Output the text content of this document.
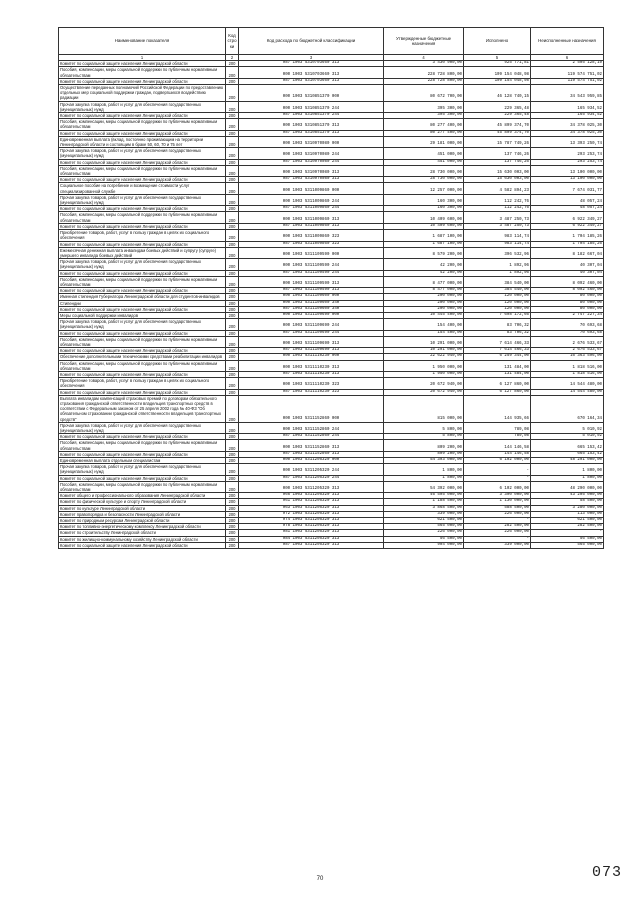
Наименование показателя	Код стро ки	Код расхода по бюджетной классификации	Утвержденные бюджетные назначения	Исполнено	Неисполненные назначения
1	2	3	4	5	6
Комитет по социальной защите населения Ленинградской области	200	987 1003 5310703660 313	3 430 900,00	925 771,81	2 505 128,19
Пособия, компенсации, меры социальной поддержки по публичным нормативным обязательствам	200	000 1003 5310703660 313	228 728 800,00	109 154 048,98	119 574 751,02
Комитет по социальной защите населения Ленинградской области	200	987 1003 5310703660 313	228 728 800,00	109 154 048,98	119 574 751,02
Осуществление переданных полномочий Российской Федерации по предоставлению отдельных мер социальной поддержки граждан, подвергшихся воздействию радиации	200	000 1003 5310851370 000	80 672 700,00	46 128 740,15	34 543 959,85
Прочая закупка товаров, работ и услуг для обеспечения государственных (муниципальных) нужд	200	000 1003 5310851370 244	395 300,00	229 365,48	165 934,52
Комитет по социальной защите населения Ленинградской области	200	987 1003 5310851370 244	395 300,00	229 365,48	165 934,52
Пособия, компенсации, меры социальной поддержки по публичным нормативным обязательствам	200	000 1003 5310851370 313	80 277 400,00	45 899 374,70	34 378 025,30
Комитет по социальной защите населения Ленинградской области	200	987 1003 5310851370 313	80 277 400,00	45 899 374,70	34 378 025,30
Единовременная выплата (вклад, постоянно проживающим на территории Ленинградской области и состоящим в браке 50, 60, 70 и 75 лет	200	000 1003 5310970080 000	29 181 000,00	15 787 749,26	13 393 250,74
Прочая закупка товаров, работ и услуг для обеспечения государственных (муниципальных) нужд	200	000 1003 5310970080 244	451 000,00	137 746,26	293 253,74
Комитет по социальной защите населения Ленинградской области	200	987 1003 5310970080 244	451 000,00	137 746,26	293 253,74
Пособия, компенсации, меры социальной поддержки по публичным нормативным обязательствам	200	000 1003 5310970080 313	28 730 000,00	15 630 003,00	13 100 000,00
Комитет по социальной защите населения Ленинградской области	200	987 1003 5310970080 313	28 730 000,00	15 630 003,00	13 100 000,00
Социальное пособие на погребение и возмещение стоимости услуг специализированной службе	200	000 1003 5311009860 000	12 257 000,00	4 582 894,23	7 674 031,77
Прочая закупка товаров, работ и услуг для обеспечения государственных (муниципальных) нужд	200	000 1003 5311009860 244	160 300,00	112 242,76	48 057,24
Комитет по социальной защите населения Ленинградской области	200	987 1003 5311009860 244	160 300,00	112 242,76	48 057,24
Пособия, компенсации, меры социальной поддержки по публичным нормативным обязательствам	200	000 1003 5311009860 313	10 409 600,00	3 487 250,73	6 922 349,27
Комитет по социальной защите населения Ленинградской области	200	987 1003 5311009860 313	10 409 600,00	3 487 250,73	6 922 349,27
Приобретение товаров, работ, услуг в пользу граждан в целях их социального обеспечения	200	000 1003 5311009860 323	1 687 100,00	983 114,74	1 704 185,26
Комитет по социальной защите населения Ленинградской области	200	987 1003 5311009860 323	1 687 100,00	983 114,74	1 704 185,26
Ежемесячная денежная выплата инвалидам боевых действий и супругу (супруге) умершего инвалида боевых действий	200	000 1003 5311109590 000	8 579 200,00	396 532,96	8 182 667,04
Прочая закупка товаров, работ и услуг для обеспечения государственных (муниципальных) нужд	200	000 1003 5311109590 244	42 200,00	1 892,96	40 307,04
Комитет по социальной защите населения Ленинградской области	200	987 1003 5311109590 244	42 200,00	1 892,96	40 307,04
Пособия, компенсации, меры социальной поддержки по публичным нормативным обязательствам	200	000 1003 5311109590 313	8 477 000,00	384 540,00	8 092 460,00
Комитет по социальной защите населения Ленинградской области	200	987 1003 5311109590 313	8 477 000,00	384 540,00	8 092 460,00
Именная стипендия Губернатора Ленинградской области для студентов-инвалидов	200	000 1003 5311109600 000	200 000,00	120 000,00	80 000,00
Стипендии	200	000 1003 5311109600 340	200 000,00	120 000,00	80 000,00
Комитет по социальной защите населения Ленинградской области	200	987 1003 5311109600 340	200 000,00	120 000,00	80 000,00
Меры социальной поддержки инвалидов	200	000 1003 5311109690 000	10 445 400,00	7 698 172,66	2 747 227,34
Прочая закупка товаров, работ и услуг для обеспечения государственных (муниципальных) нужд	200	000 1003 5311109690 244	154 400,00	83 706,32	70 693,68
Комитет по социальной защите населения Ленинградской области	200	987 1003 5311109690 244	154 400,00	83 706,32	70 693,68
Пособия, компенсации, меры социальной поддержки по публичным нормативным обязательствам	200	000 1003 5311109690 313	10 291 000,00	7 614 466,33	2 676 533,67
Комитет по социальной защите населения Ленинградской области	200	987 1003 5311109690 313	10 291 000,00	7 614 466,33	2 676 533,67
Обеспечение дополнительными техническими средствами реабилитации инвалидов	200	000 1003 5311110230 000	22 622 940,00	6 259 344,00	16 363 596,00
Пособия, компенсации, меры социальной поддержки по публичным нормативным обязательствам	200	000 1003 5311110230 313	1 950 000,00	131 484,00	1 818 516,00
Комитет по социальной защите населения Ленинградской области	200	987 1003 5311110230 313	1 950 000,00	131 484,00	1 818 516,00
Приобретение товаров, работ, услуг в пользу граждан в целях их социального обеспечения	200	000 1003 5311110230 323	20 672 940,00	6 127 860,00	14 544 480,00
Комитет по социальной защите населения Ленинградской области	200	987 1003 5311110230 323	20 672 940,00	6 127 860,00	14 544 480,00
Выплата инвалидам компенсаций страховых премий по договорам обязательного страхования гражданской ответственности владельцев транспортных средств в соответствии с Федеральным законом от 25 апреля 2002 года № 40-ФЗ "Об обязательном страховании гражданской ответственности владельцев транспортных средств"	200	000 1003 5311152860 000	815 000,00	144 935,66	670 164,34
Прочая закупка товаров, работ и услуг для обеспечения государственных (муниципальных) нужд	200	000 1003 5311152860 244	5 800,00	789,08	5 010,92
Комитет по социальной защите населения Ленинградской области	200	987 1003 5311152860 244	5 800,00	789,08	5 010,92
Пособия, компенсации, меры социальной поддержки по публичным нормативным обязательствам	200	000 1003 5311152860 313	809 200,00	144 146,58	665 153,42
Комитет по социальной защите населения Ленинградской области	200	987 1003 5311152860 313	809 200,00	144 146,58	665 153,42
Единовременная выплата отдельным специалистам	200	000 1003 5311205320 000	54 393 000,00	6 102 000,00	48 291 000,00
Прочая закупка товаров, работ и услуг для обеспечения государственных (муниципальных) нужд	200	000 1003 5311205320 244	1 800,00	-	1 800,00
Комитет по социальной защите населения Ленинградской области	200	987 1003 5311205320 244	1 800,00	-	1 800,00
Пособия, компенсации, меры социальной поддержки по публичным нормативным обязательствам	200	000 1003 5311205320 313	54 392 000,00	6 102 000,00	48 290 000,00
Комитет общего и профессионального образования Ленинградской области	200	966 1003 5311205320 313	46 595 000,00	3 390 000,00	43 205 000,00
Комитет по физической культуре и спорту Ленинградской области	200	961 1003 5311205320 313	1 188 500,00	1 130 000,00	58 500,00
Комитет по культуре Ленинградской области	200	963 1003 5311205320 313	3 868 500,00	588 500,00	3 280 000,00
Комитет правопорядка и безопасности Ленинградской области	200	972 1003 5311205320 313	339 000,00	226 000,00	113 000,00
Комитет по природным ресурсам Ленинградской области	200	974 1003 5311205320 313	621 500,00	-	621 500,00
Комитет по топливно-энергетическому комплексу Ленинградской области	200	978 1003 5311205320 313	565 000,00	282 500,00	282 500,00
Комитет по строительству Ленинградской области	200	981 1003 5311205320 313	226 000,00	226 000,00	-
Комитет по жилищно-коммунальному хозяйству Ленинградской области	200	984 1003 5311205320 313	56 500,00	-	56 500,00
Комитет по социальной защите населения Ленинградской области	200	987 1003 5311205320 313	904 000,00	339 000,00	565 000,00
70	073
